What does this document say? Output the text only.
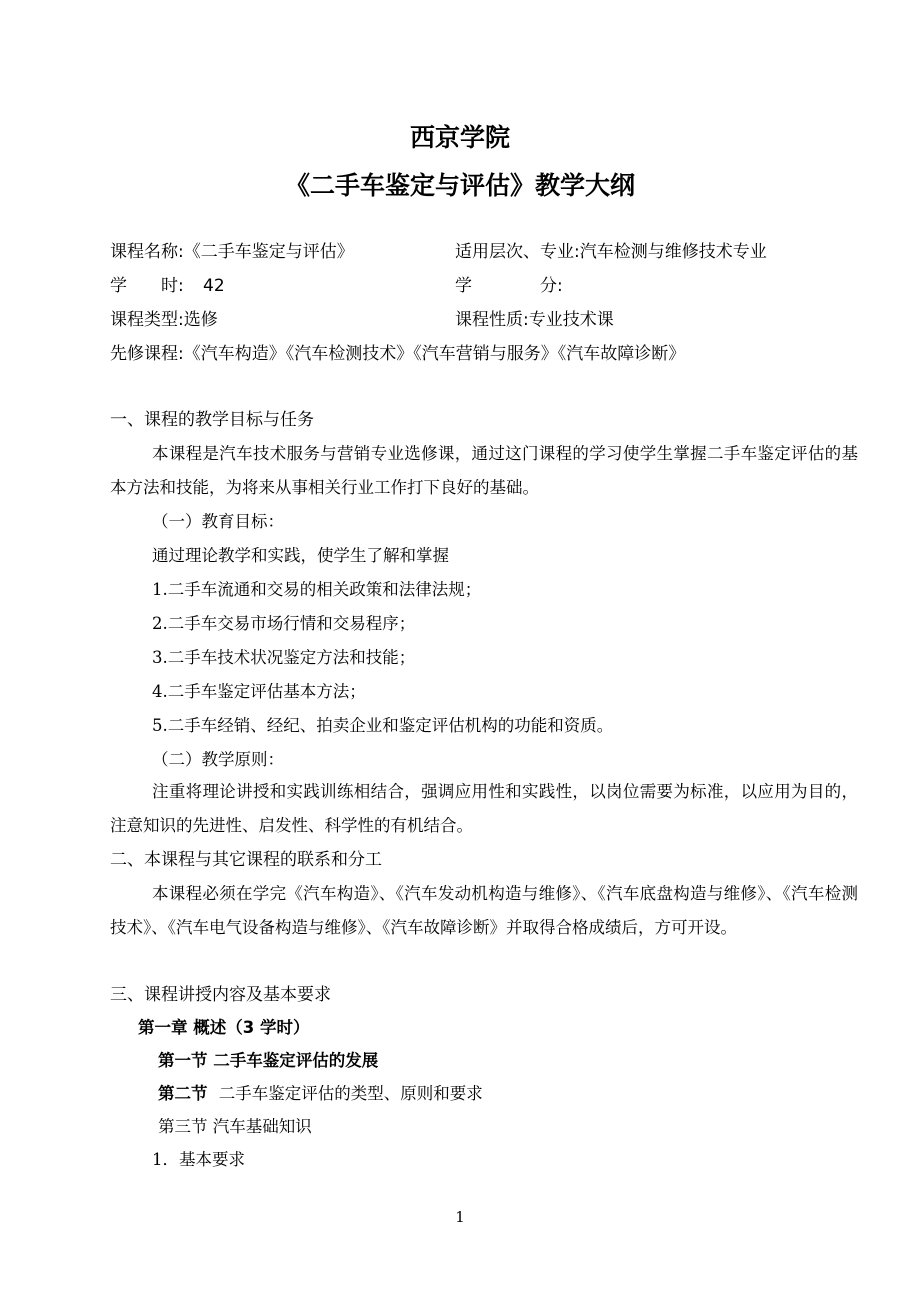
西京学院
《二手车鉴定与评估》教学大纲
课程名称:《二手车鉴定与评估》	适用层次、专业:汽车检测与维修技术专业
学　　时: 42	学　　　　分:
课程类型:选修	课程性质:专业技术课
先修课程:《汽车构造》《汽车检测技术》《汽车营销与服务》《汽车故障诊断》
一、课程的教学目标与任务
本课程是汽车技术服务与营销专业选修课，通过这门课程的学习使学生掌握二手车鉴定评估的基本方法和技能，为将来从事相关行业工作打下良好的基础。
（一）教育目标：
通过理论教学和实践，使学生了解和掌握
1.二手车流通和交易的相关政策和法律法规；
2.二手车交易市场行情和交易程序；
3.二手车技术状况鉴定方法和技能；
4.二手车鉴定评估基本方法；
5.二手车经销、经纪、拍卖企业和鉴定评估机构的功能和资质。
（二）教学原则：
注重将理论讲授和实践训练相结合，强调应用性和实践性，以岗位需要为标准，以应用为目的，注意知识的先进性、启发性、科学性的有机结合。
二、本课程与其它课程的联系和分工
本课程必须在学完《汽车构造》、《汽车发动机构造与维修》、《汽车底盘构造与维修》、《汽车检测技术》、《汽车电气设备构造与维修》、《汽车故障诊断》并取得合格成绩后，方可开设。
三、课程讲授内容及基本要求
第一章 概述（3 学时）
第一节 二手车鉴定评估的发展
第二节 二手车鉴定评估的类型、原则和要求
第三节 汽车基础知识
1．基本要求
1
